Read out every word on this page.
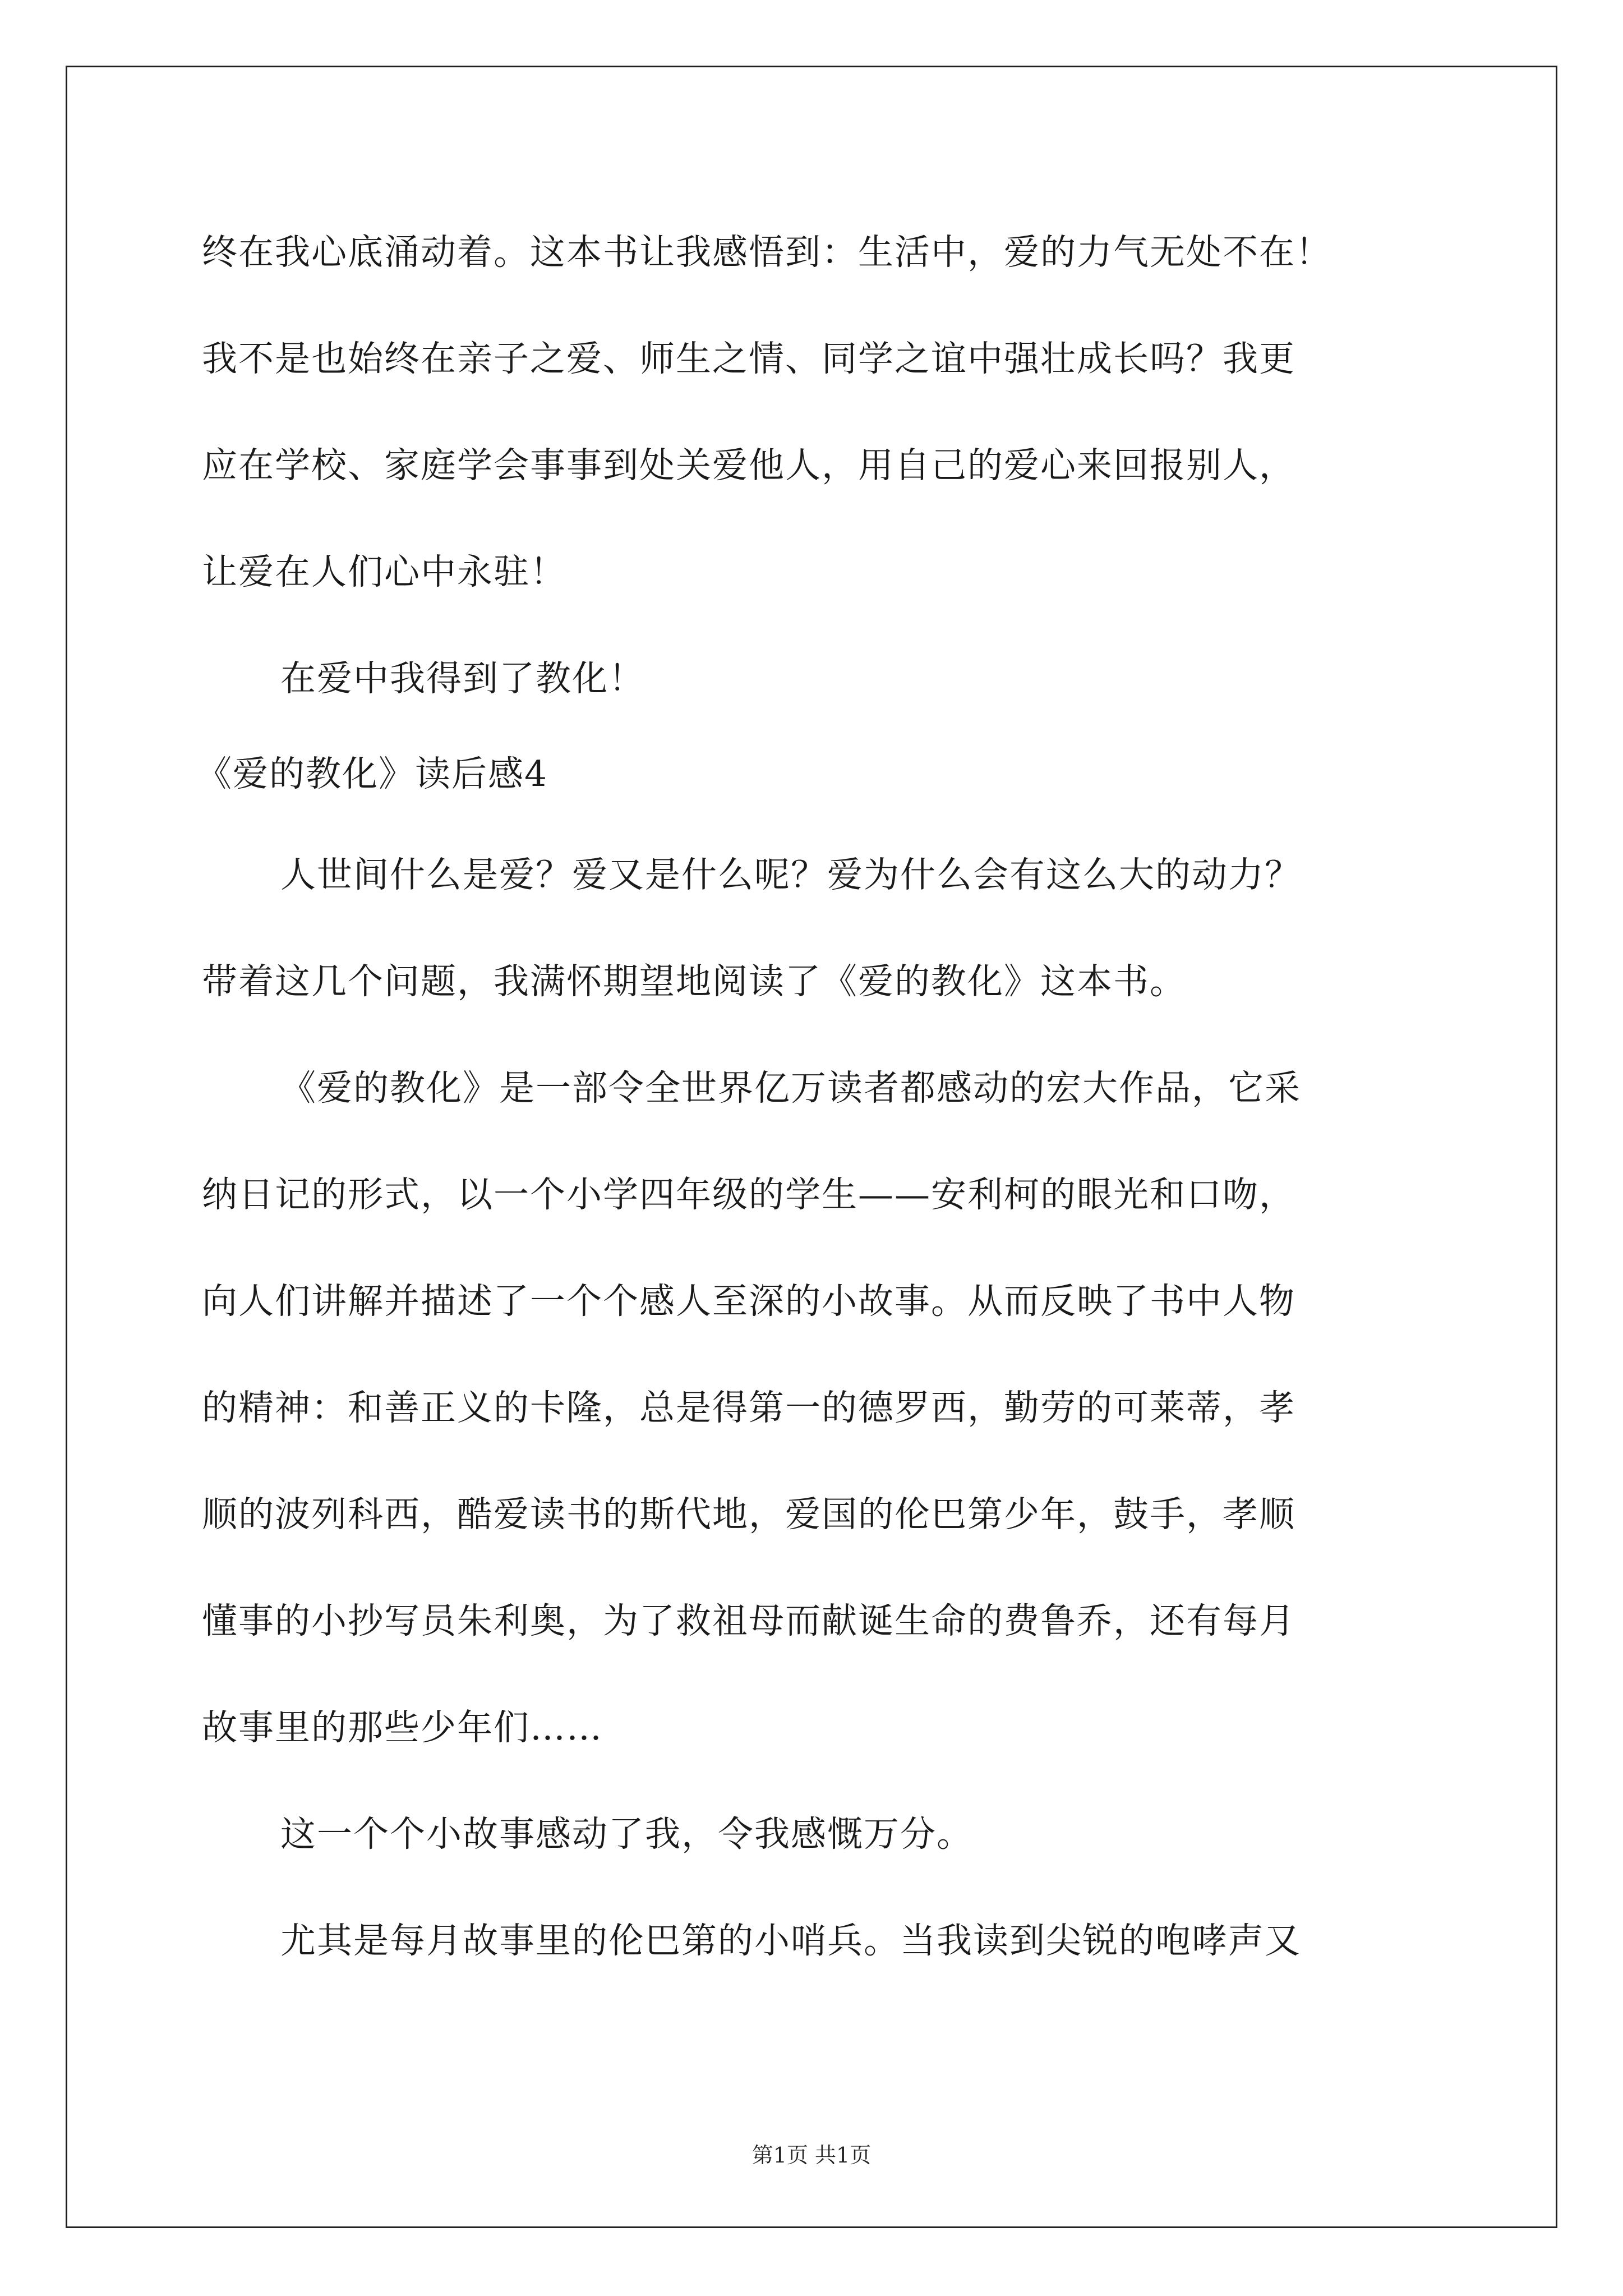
终在我心底涌动着。这本书让我感悟到：生活中，爱的力气无处不在！
我不是也始终在亲子之爱、师生之情、同学之谊中强壮成长吗？我更
应在学校、家庭学会事事到处关爱他人，用自己的爱心来回报别人，
让爱在人们心中永驻！
在爱中我得到了教化！
《爱的教化》读后感4
人世间什么是爱？爱又是什么呢？爱为什么会有这么大的动力？
带着这几个问题，我满怀期望地阅读了《爱的教化》这本书。
《爱的教化》是一部令全世界亿万读者都感动的宏大作品，它采
纳日记的形式，以一个小学四年级的学生——安利柯的眼光和口吻，
向人们讲解并描述了一个个感人至深的小故事。从而反映了书中人物
的精神：和善正义的卡隆，总是得第一的德罗西，勤劳的可莱蒂，孝
顺的波列科西，酷爱读书的斯代地，爱国的伦巴第少年，鼓手，孝顺
懂事的小抄写员朱利奥，为了救祖母而献诞生命的费鲁乔，还有每月
故事里的那些少年们……
这一个个小故事感动了我，令我感慨万分。
尤其是每月故事里的伦巴第的小哨兵。当我读到尖锐的咆哮声又
第1页 共1页
